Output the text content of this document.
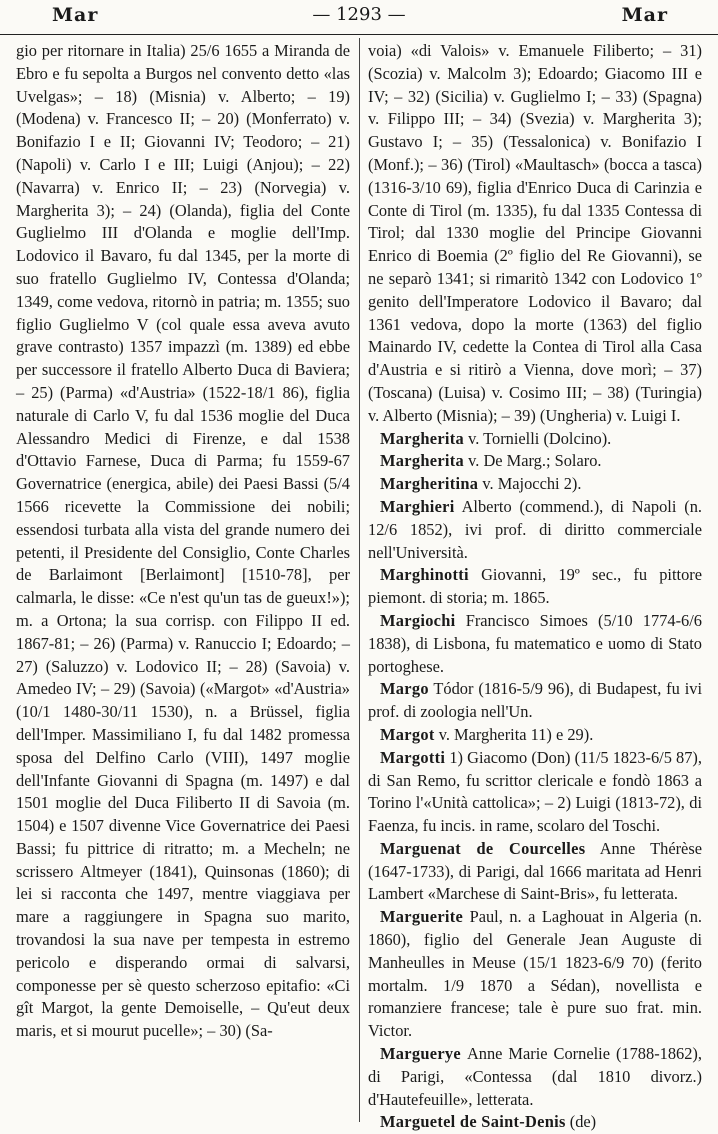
Mar	— 1293 —	Mar

gio per ritornare in Italia) 25/6 1655 a Miranda de Ebro e fu sepolta a Burgos nel convento detto «las Uvelgas»; – 18) (Misnia) v. Alberto; – 19) (Modena) v. Francesco II; – 20) (Monferrato) v. Bonifazio I e II; Giovanni IV; Teodoro; – 21) (Napoli) v. Carlo I e III; Luigi (Anjou); – 22) (Navarra) v. Enrico II; – 23) (Norvegia) v. Margherita 3); – 24) (Olanda), figlia del Conte Guglielmo III d'Olanda e moglie dell'Imp. Lodovico il Bavaro, fu dal 1345, per la morte di suo fratello Guglielmo IV, Contessa d'Olanda; 1349, come vedova, ritornò in patria; m. 1355; suo figlio Guglielmo V (col quale essa aveva avuto grave contrasto) 1357 impazzì (m. 1389) ed ebbe per successore il fratello Alberto Duca di Baviera; – 25) (Parma) «d'Austria» (1522-18/1 86), figlia naturale di Carlo V, fu dal 1536 moglie del Duca Alessandro Medici di Firenze, e dal 1538 d'Ottavio Farnese, Duca di Parma; fu 1559-67 Governatrice (energica, abile) dei Paesi Bassi (5/4 1566 ricevette la Commissione dei nobili; essendosi turbata alla vista del grande numero dei petenti, il Presidente del Consiglio, Conte Charles de Barlaimont [Berlaimont] [1510-78], per calmarla, le disse: «Ce n'est qu'un tas de gueux!»); m. a Ortona; la sua corrisp. con Filippo II ed. 1867-81; – 26) (Parma) v. Ranuccio I; Edoardo; – 27) (Saluzzo) v. Lodovico II; – 28) (Savoia) v. Amedeo IV; – 29) (Savoia) («Margot» «d'Austria» (10/1 1480-30/11 1530), n. a Brüssel, figlia dell'Imper. Massimiliano I, fu dal 1482 promessa sposa del Delfino Carlo (VIII), 1497 moglie dell'Infante Giovanni di Spagna (m. 1497) e dal 1501 moglie del Duca Filiberto II di Savoia (m. 1504) e 1507 divenne Vice Governatrice dei Paesi Bassi; fu pittrice di ritratto; m. a Mecheln; ne scrissero Altmeyer (1841), Quinsonas (1860); di lei si racconta che 1497, mentre viaggiava per mare a raggiungere in Spagna suo marito, trovandosi la sua nave per tempesta in estremo pericolo e disperando ormai di salvarsi, componesse per sè questo scherzoso epitafio: «Ci gît Margot, la gente Demoiselle, – Qu'eut deux maris, et si mourut pucelle»; – 30) (Sa-

voia) «di Valois» v. Emanuele Filiberto; – 31) (Scozia) v. Malcolm 3); Edoardo; Giacomo III e IV; – 32) (Sicilia) v. Guglielmo I; – 33) (Spagna) v. Filippo III; – 34) (Svezia) v. Margherita 3); Gustavo I; – 35) (Tessalonica) v. Bonifazio I (Monf.); – 36) (Tirol) «Maultasch» (bocca a tasca) (1316-3/10 69), figlia d'Enrico Duca di Carinzia e Conte di Tirol (m. 1335), fu dal 1335 Contessa di Tirol; dal 1330 moglie del Principe Giovanni Enrico di Boemia (2º figlio del Re Giovanni), se ne separò 1341; si rimaritò 1342 con Lodovico 1º genito dell'Imperatore Lodovico il Bavaro; dal 1361 vedova, dopo la morte (1363) del figlio Mainardo IV, cedette la Contea di Tirol alla Casa d'Austria e si ritirò a Vienna, dove morì; – 37) (Toscana) (Luisa) v. Cosimo III; – 38) (Turingia) v. Alberto (Misnia); – 39) (Ungheria) v. Luigi I.

Margherita v. Tornielli (Dolcino).

Margherita v. De Marg.; Solaro.

Margheritina v. Majocchi 2).

Marghieri Alberto (commend.), di Napoli (n. 12/6 1852), ivi prof. di diritto commerciale nell'Università.

Marghinotti Giovanni, 19º sec., fu pittore piemont. di storia; m. 1865.

Margiochi Francisco Simoes (5/10 1774-6/6 1838), di Lisbona, fu matematico e uomo di Stato portoghese.

Margo Tódor (1816-5/9 96), di Budapest, fu ivi prof. di zoologia nell'Un.

Margot v. Margherita 11) e 29).

Margotti 1) Giacomo (Don) (11/5 1823-6/5 87), di San Remo, fu scrittor clericale e fondò 1863 a Torino l'«Unità cattolica»; – 2) Luigi (1813-72), di Faenza, fu incis. in rame, scolaro del Toschi.

Marguenat de Courcelles Anne Thérèse (1647-1733), di Parigi, dal 1666 maritata ad Henri Lambert «Marchese di Saint-Bris», fu letterata.

Marguerite Paul, n. a Laghouat in Algeria (n. 1860), figlio del Generale Jean Auguste di Manheulles in Meuse (15/1 1823-6/9 70) (ferito mortalm. 1/9 1870 a Sédan), novellista e romanziere francese; tale è pure suo frat. min. Victor.

Margueryе Anne Marie Cornelie (1788-1862), di Parigi, «Contessa (dal 1810 divorz.) d'Hautefeuille», letterata.

Marguetel de Saint-Denis (de)
